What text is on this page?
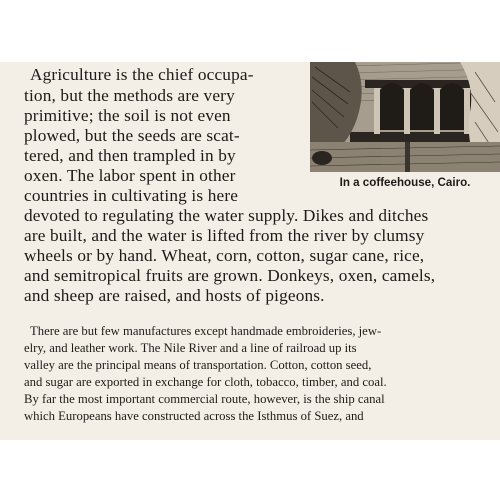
In a coffeehouse, Cairo.
Agriculture is the chief occupa-
tion, but the methods are very
primitive; the soil is not even
plowed, but the seeds are scat-
tered, and then trampled in by
oxen. The labor spent in other
countries in cultivating is here
devoted to regulating the water supply. Dikes and ditches
are built, and the water is lifted from the river by clumsy
wheels or by hand. Wheat, corn, cotton, sugar cane, rice,
and semitropical fruits are grown. Donkeys, oxen, camels,
and sheep are raised, and hosts of pigeons.
There are but few manufactures except handmade embroideries, jew-
elry, and leather work. The Nile River and a line of railroad up its
valley are the principal means of transportation. Cotton, cotton seed,
and sugar are exported in exchange for cloth, tobacco, timber, and coal.
By far the most important commercial route, however, is the ship canal
which Europeans have constructed across the Isthmus of Suez, and
